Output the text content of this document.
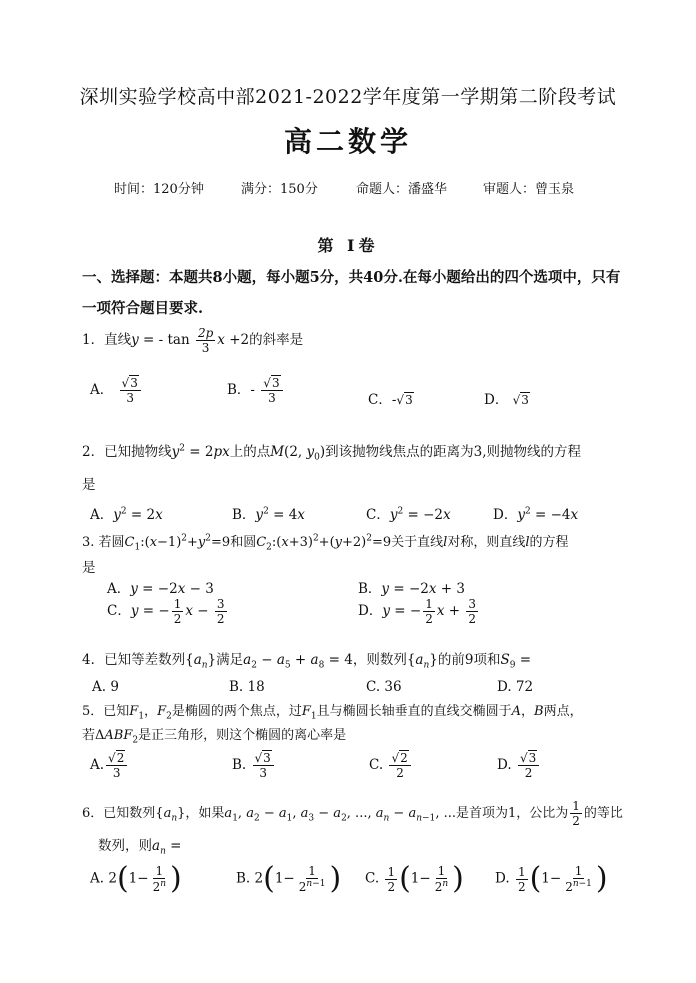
深圳实验学校高中部2021-2022学年度第一学期第二阶段考试
高二数学
时间：120分钟	满分：150分	命题人：潘盛华	审题人：曾玉泉
第 I卷
一、选择题：本题共8小题，每小题5分，共40分.在每小题给出的四个选项中，只有
一项符合题目要求.
1．直线y = - $\tan \frac{2p}{3}$ x +2的斜率是
A． $\frac{√3}{3}$	B．- $\frac{√3}{3}$	C．-√3	D． √3
2．已知抛物线$y^2 = 2px$上的点M(2, $y_0$)到该抛物线焦点的距离为3,则抛物线的方程
是
A．$y^2 = 2x$	B．$y^2 = 4x$	C．$y^2 = -2x$	D．$y^2 = -4x$
3. 若圆$C_1:(x-1)^2+y^2=9$和圆$C_2:(x+3)^2+(y+2)^2=9$关于直线l对称，则直线l的方程
是
A．y = −2x − 3	B．y = −2x + 3
C．y = − $\frac{1}{2}$ $x - \frac{3}{2}$	D．y = − $\frac{1}{2}$ $x + \frac{3}{2}$
4．已知等差数列$\{a_n\}$满足$a_2 - a_5 + a_8 = 4$，则数列$\{a_n\}$的前9项和$S_9$ =
A. 9	B. 18	C. 36	D. 72
5．已知$F_1$，$F_2$是椭圆的两个焦点，过$F_1$且与椭圆长轴垂直的直线交椭圆于A，B两点，
若$\Delta ABF_2$是正三角形，则这个椭圆的离心率是
A. $\frac{√2}{3}$	B. $\frac{√3}{3}$	C. $\frac{√2}{2}$	D. $\frac{√3}{2}$
6．已知数列$\{a_n\}$，如果$a_1$, $a_2 - a_1$, $a_3 - a_2$, ..., $a_n - a_{n-1}$, ...是首项为1，公比为 $\frac{1}{2}$ 的等比
数列，则$a_n$ =
A. $2(1- \frac{1}{2^n}$ )	B. $2(1- \frac{1}{2^{n-1}}$ ) C. $\frac{1}{2} (1- \frac{1}{2^n}$ ) D. $\frac{1}{2} (1- \frac{1}{2^{n-1}}$ )
